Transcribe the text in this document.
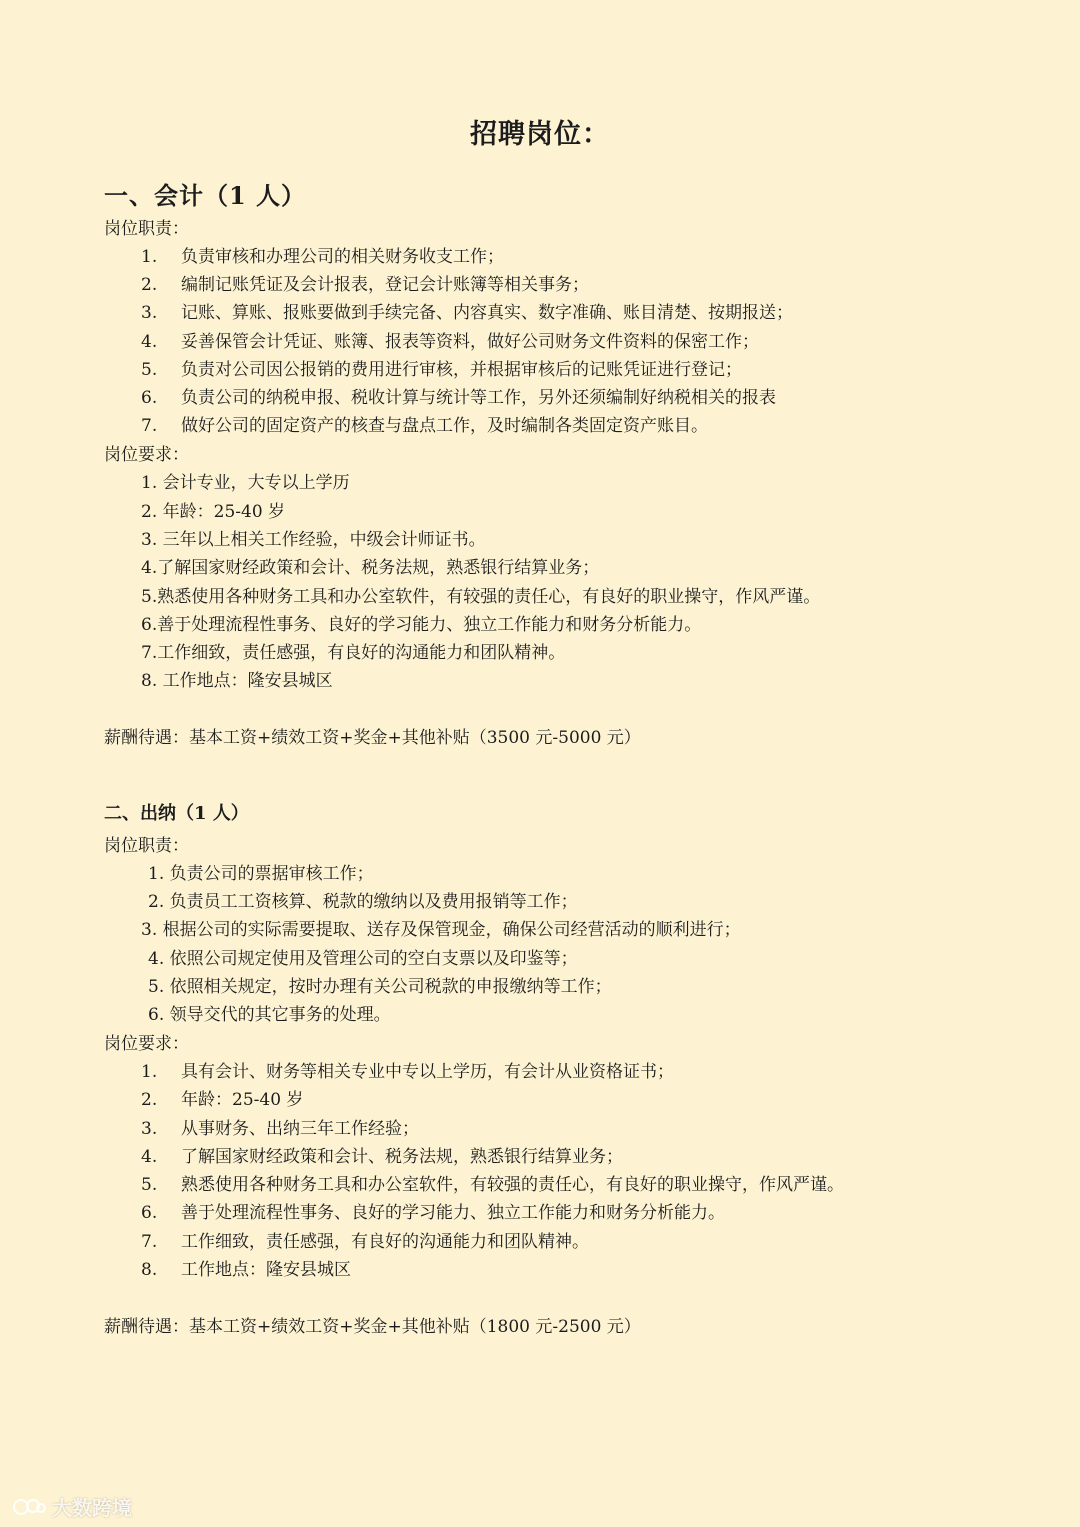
招聘岗位：
一、会计（1 人）
岗位职责：
1. 负责审核和办理公司的相关财务收支工作；
2. 编制记账凭证及会计报表，登记会计账簿等相关事务；
3. 记账、算账、报账要做到手续完备、内容真实、数字准确、账目清楚、按期报送；
4. 妥善保管会计凭证、账簿、报表等资料，做好公司财务文件资料的保密工作；
5. 负责对公司因公报销的费用进行审核，并根据审核后的记账凭证进行登记；
6. 负责公司的纳税申报、税收计算与统计等工作，另外还须编制好纳税相关的报表
7. 做好公司的固定资产的核查与盘点工作，及时编制各类固定资产账目。
岗位要求：
1. 会计专业，大专以上学历
2. 年龄：25-40 岁
3. 三年以上相关工作经验，中级会计师证书。
4.了解国家财经政策和会计、税务法规，熟悉银行结算业务；
5.熟悉使用各种财务工具和办公室软件，有较强的责任心，有良好的职业操守，作风严谨。
6.善于处理流程性事务、良好的学习能力、独立工作能力和财务分析能力。
7.工作细致，责任感强，有良好的沟通能力和团队精神。
8. 工作地点：隆安县城区
薪酬待遇：基本工资+绩效工资+奖金+其他补贴（3500 元-5000 元）
二、出纳（1 人）
岗位职责：
1. 负责公司的票据审核工作；
2. 负责员工工资核算、税款的缴纳以及费用报销等工作；
3. 根据公司的实际需要提取、送存及保管现金，确保公司经营活动的顺利进行；
4. 依照公司规定使用及管理公司的空白支票以及印鉴等；
5. 依照相关规定，按时办理有关公司税款的申报缴纳等工作；
6. 领导交代的其它事务的处理。
岗位要求：
1. 具有会计、财务等相关专业中专以上学历，有会计从业资格证书；
2. 年龄：25-40 岁
3. 从事财务、出纳三年工作经验；
4. 了解国家财经政策和会计、税务法规，熟悉银行结算业务；
5. 熟悉使用各种财务工具和办公室软件，有较强的责任心，有良好的职业操守，作风严谨。
6. 善于处理流程性事务、良好的学习能力、独立工作能力和财务分析能力。
7. 工作细致，责任感强，有良好的沟通能力和团队精神。
8. 工作地点：隆安县城区
薪酬待遇：基本工资+绩效工资+奖金+其他补贴（1800 元-2500 元）
大数跨境
